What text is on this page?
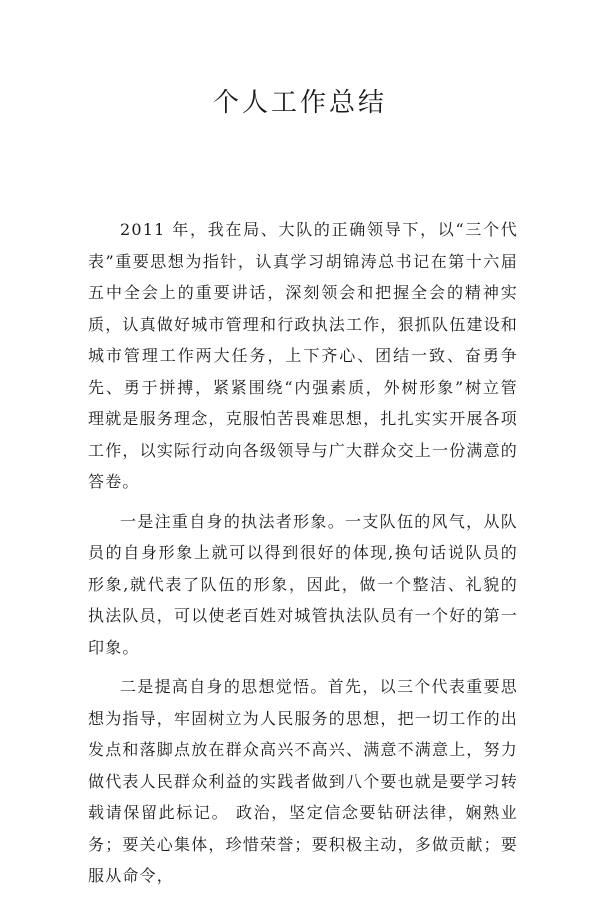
个人工作总结

2011 年，我在局、大队的正确领导下，以“三个代表”重要思想为指针，认真学习胡锦涛总书记在第十六届五中全会上的重要讲话，深刻领会和把握全会的精神实质，认真做好城市管理和行政执法工作，狠抓队伍建设和城市管理工作两大任务，上下齐心、团结一致、奋勇争先、勇于拼搏，紧紧围绕“内强素质，外树形象”树立管理就是服务理念，克服怕苦畏难思想，扎扎实实开展各项工作，以实际行动向各级领导与广大群众交上一份满意的答卷。

一是注重自身的执法者形象。一支队伍的风气，从队员的自身形象上就可以得到很好的体现,换句话说队员的形象,就代表了队伍的形象，因此，做一个整洁、礼貌的执法队员，可以使老百姓对城管执法队员有一个好的第一印象。

二是提高自身的思想觉悟。首先，以三个代表重要思想为指导，牢固树立为人民服务的思想，把一切工作的出发点和落脚点放在群众高兴不高兴、满意不满意上，努力做代表人民群众利益的实践者做到八个要也就是要学习转载请保留此标记。 政治，坚定信念要钻研法律，娴熟业务；要关心集体，珍惜荣誉；要积极主动，多做贡献；要服从命令，
